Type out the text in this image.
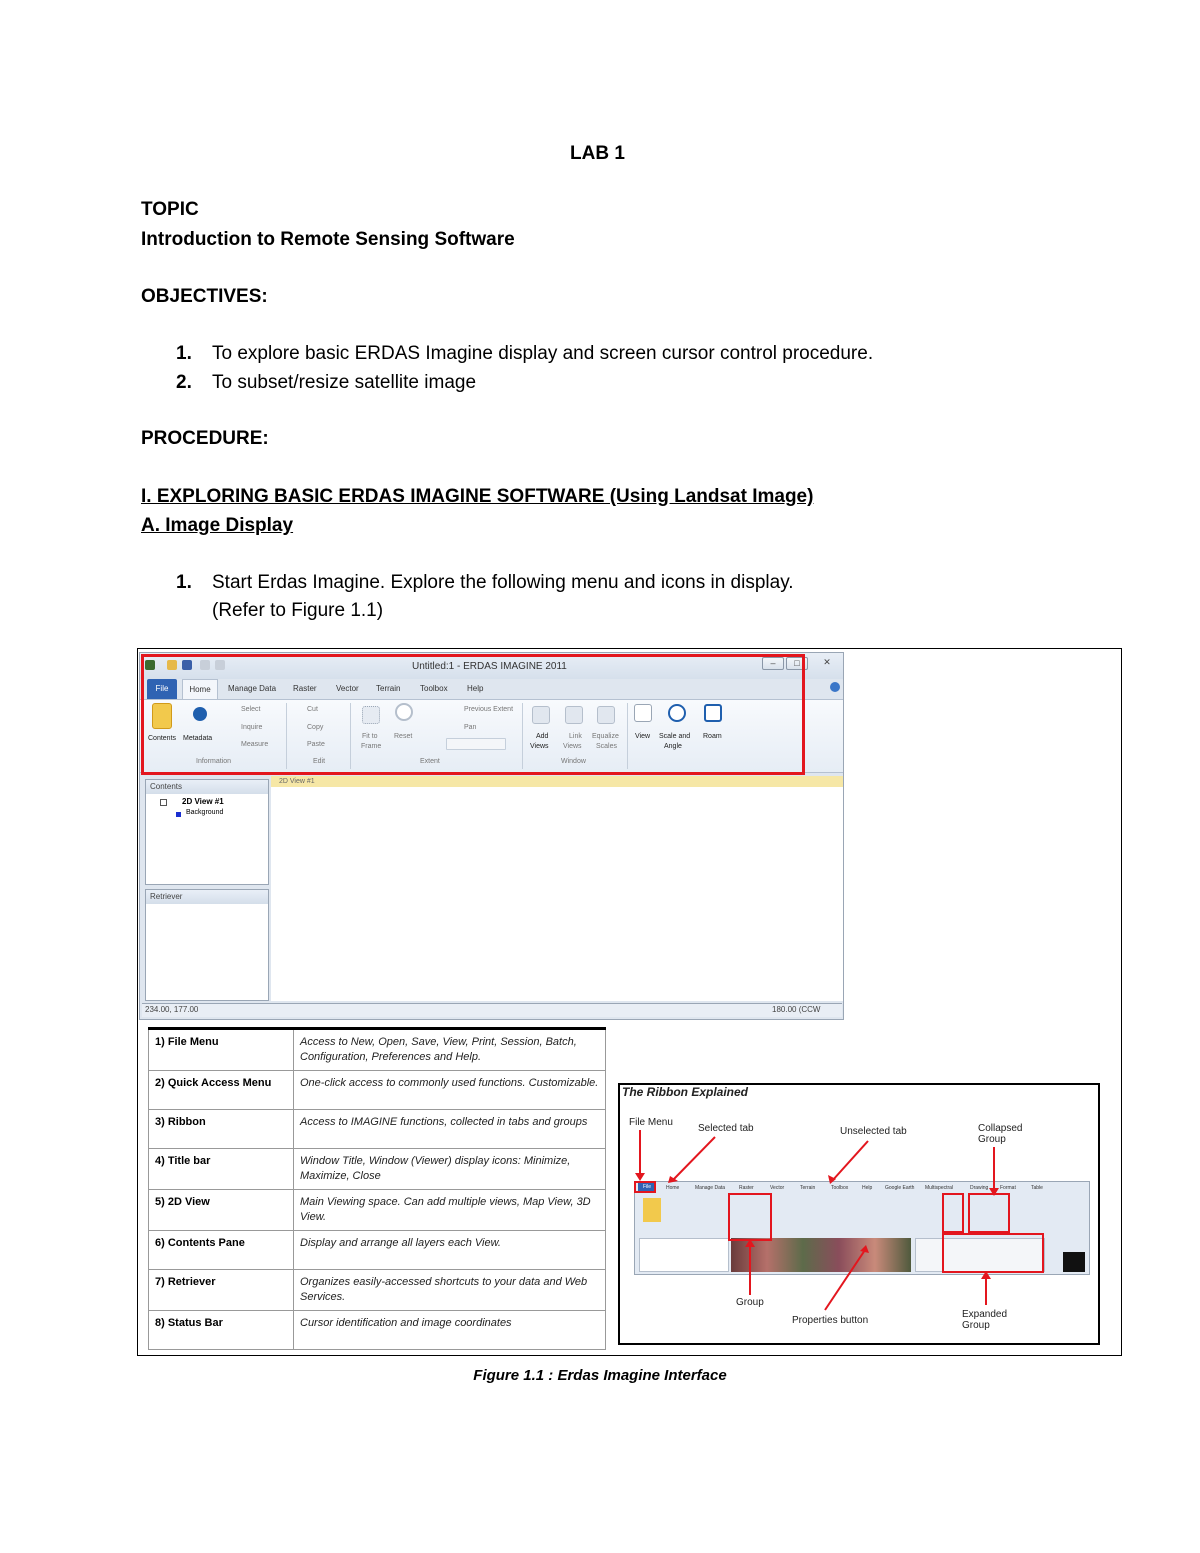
LAB 1
TOPIC
Introduction to Remote Sensing Software
OBJECTIVES:
1. To explore basic ERDAS Imagine display and screen cursor control procedure.
2. To subset/resize satellite image
PROCEDURE:
I. EXPLORING BASIC ERDAS IMAGINE SOFTWARE (Using Landsat Image)
A. Image Display
1. Start Erdas Imagine. Explore the following menu and icons in display.
(Refer to Figure 1.1)
Untitled:1 - ERDAS IMAGINE 2011	–	□	✕
File	Home	Manage Data Raster Vector Terrain Toolbox Help
Contents Metadata
Select
Inquire
Measure
Cut
Copy
Paste
Fit to
Frame
Reset
Previous Extent
Pan
Add
Views
Link
Views
Equalize
Scales
View Scale and
Angle
Roam
Information	Edit	Extent	Window
Contents
2D View #1
Background
2D View #1
Retriever
234.00, 177.00	180.00 (CCW
1) File Menu	Access to New, Open, Save, View, Print, Session, Batch, Configuration, Preferences and Help.
2) Quick Access Menu	One-click access to commonly used functions. Customizable.
3) Ribbon	Access to IMAGINE functions, collected in tabs and groups
4) Title bar	Window Title, Window (Viewer) display icons: Minimize, Maximize, Close
5) 2D View	Main Viewing space. Can add multiple views, Map View, 3D View.
6) Contents Pane	Display and arrange all layers each View.
7) Retriever	Organizes easily-accessed shortcuts to your data and Web Services.
8) Status Bar	Cursor identification and image coordinates
The Ribbon Explained
File Menu
Selected tab	Unselected tab	Collapsed
Group
File	Home	Manage Data	Raster	Vector	Terrain	Toolbox	Help	Google Earth Multispectral	Drawing Format	Table
Group
Properties button
Expanded
Group
Figure 1.1 : Erdas Imagine Interface
